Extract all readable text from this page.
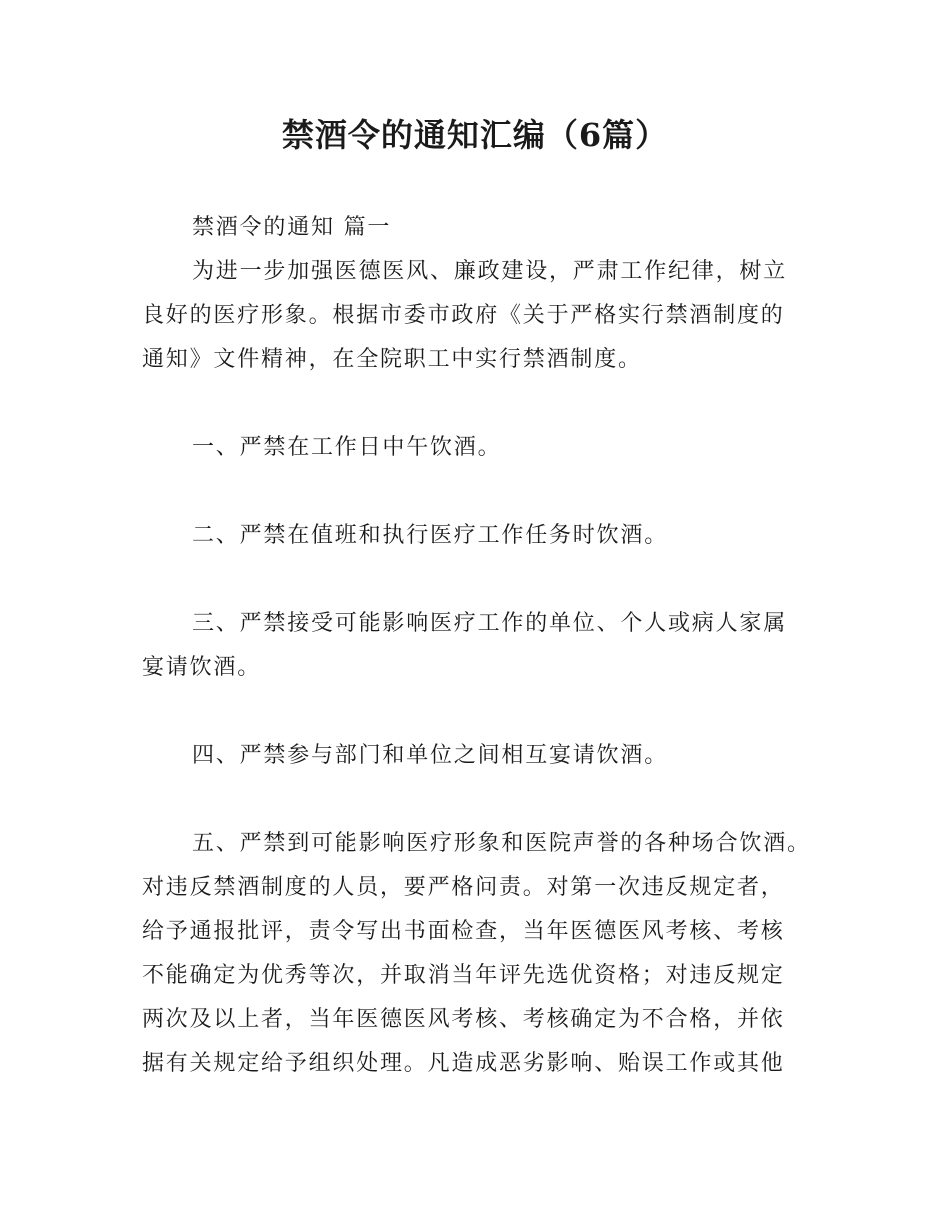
禁酒令的通知汇编（6篇）

禁酒令的通知 篇一

为进一步加强医德医风、廉政建设，严肃工作纪律，树立

良好的医疗形象。根据市委市政府《关于严格实行禁酒制度的

通知》文件精神，在全院职工中实行禁酒制度。

一、严禁在工作日中午饮酒。

二、严禁在值班和执行医疗工作任务时饮酒。

三、严禁接受可能影响医疗工作的单位、个人或病人家属

宴请饮酒。

四、严禁参与部门和单位之间相互宴请饮酒。

五、严禁到可能影响医疗形象和医院声誉的各种场合饮酒。

对违反禁酒制度的人员，要严格问责。对第一次违反规定者，

给予通报批评，责令写出书面检查，当年医德医风考核、考核

不能确定为优秀等次，并取消当年评先选优资格；对违反规定

两次及以上者，当年医德医风考核、考核确定为不合格，并依

据有关规定给予组织处理。凡造成恶劣影响、贻误工作或其他
